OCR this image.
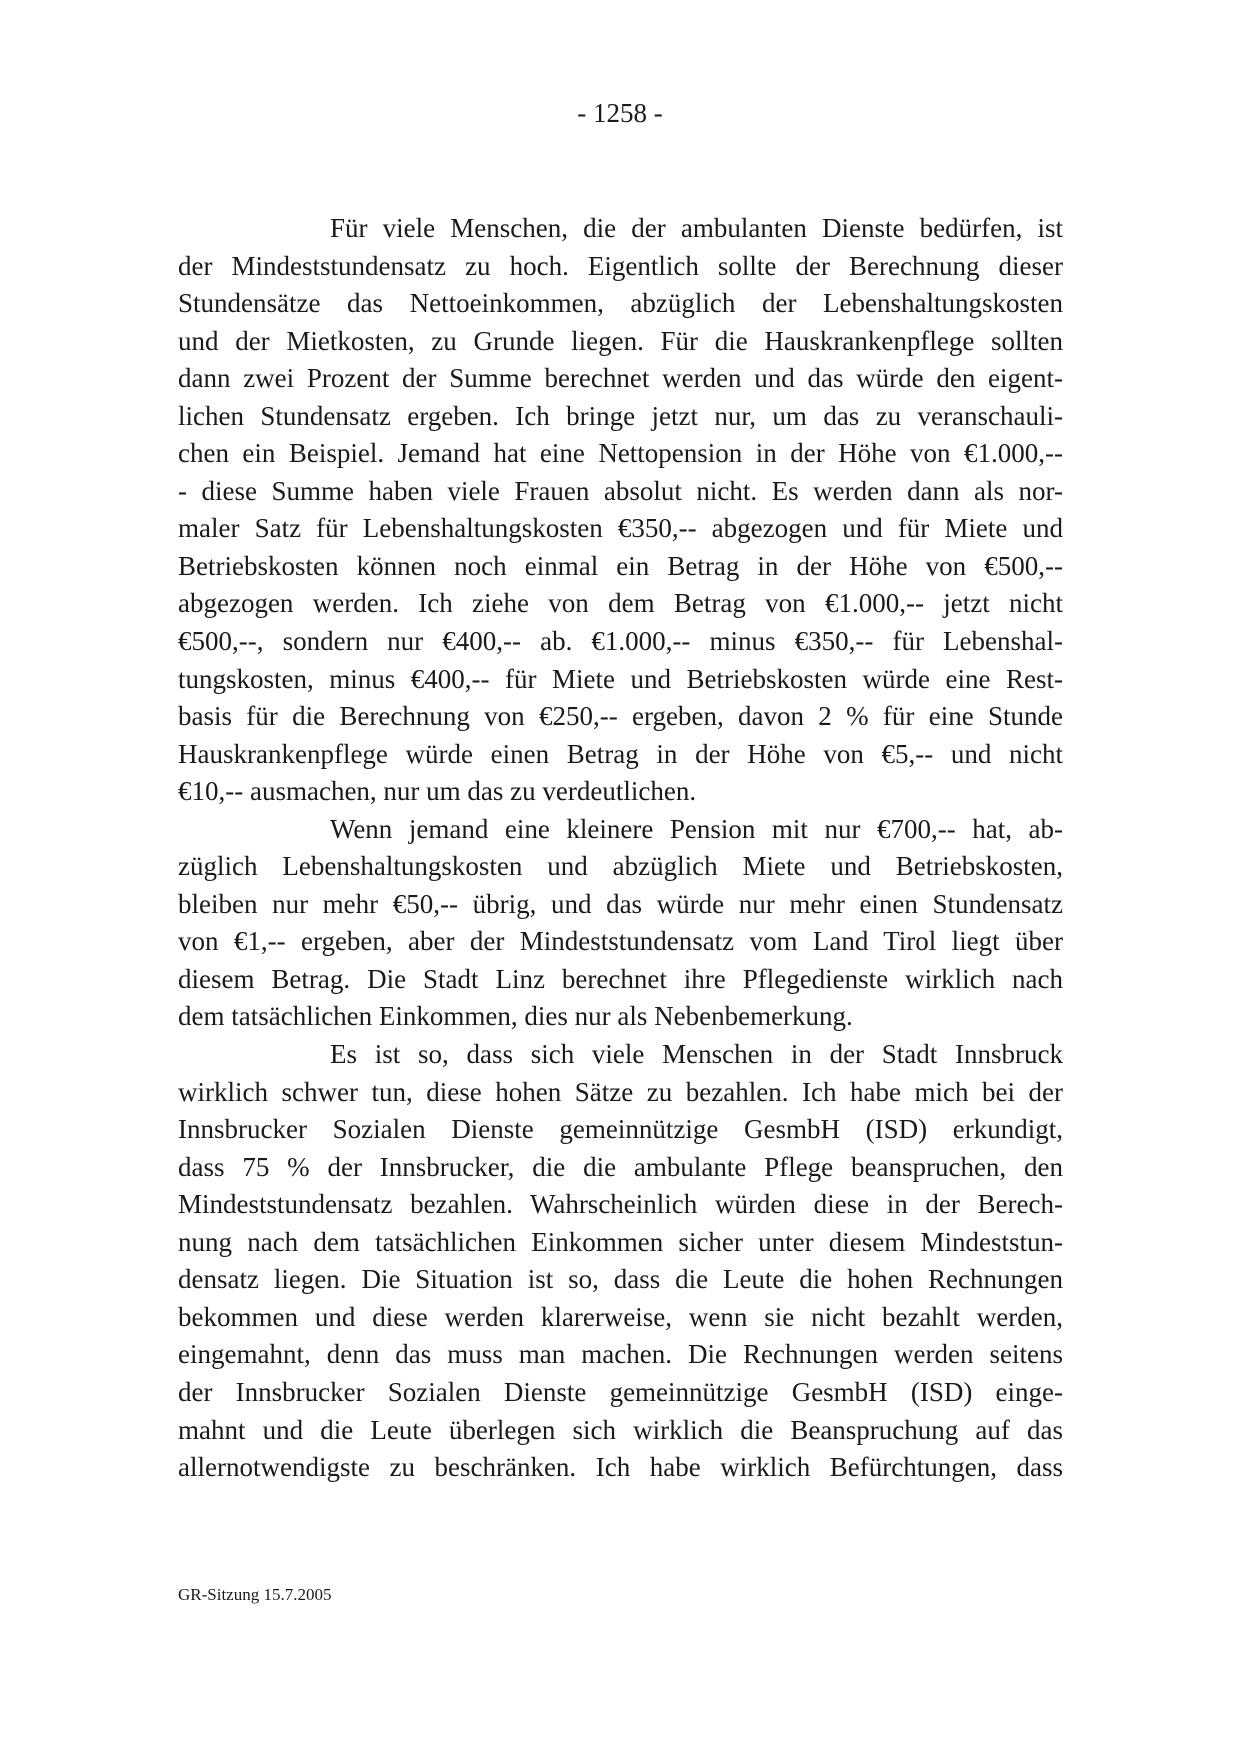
- 1258 -
Für viele Menschen, die der ambulanten Dienste bedürfen, ist
der Mindeststundensatz zu hoch. Eigentlich sollte der Berechnung dieser
Stundensätze das Nettoeinkommen, abzüglich der Lebenshaltungskosten
und der Mietkosten, zu Grunde liegen. Für die Hauskrankenpflege sollten
dann zwei Prozent der Summe berechnet werden und das würde den eigent-
lichen Stundensatz ergeben. Ich bringe jetzt nur, um das zu veranschauli-
chen ein Beispiel. Jemand hat eine Nettopension in der Höhe von €1.000,--
- diese Summe haben viele Frauen absolut nicht. Es werden dann als nor-
maler Satz für Lebenshaltungskosten €350,-- abgezogen und für Miete und
Betriebskosten können noch einmal ein Betrag in der Höhe von €500,--
abgezogen werden. Ich ziehe von dem Betrag von €1.000,-- jetzt nicht
€500,--, sondern nur €400,-- ab. €1.000,-- minus €350,-- für Lebenshal-
tungskosten, minus €400,-- für Miete und Betriebskosten würde eine Rest-
basis für die Berechnung von €250,-- ergeben, davon 2 % für eine Stunde
Hauskrankenpflege würde einen Betrag in der Höhe von €5,-- und nicht
€10,-- ausmachen, nur um das zu verdeutlichen.
Wenn jemand eine kleinere Pension mit nur €700,-- hat, ab-
züglich Lebenshaltungskosten und abzüglich Miete und Betriebskosten,
bleiben nur mehr €50,-- übrig, und das würde nur mehr einen Stundensatz
von €1,-- ergeben, aber der Mindeststundensatz vom Land Tirol liegt über
diesem Betrag. Die Stadt Linz berechnet ihre Pflegedienste wirklich nach
dem tatsächlichen Einkommen, dies nur als Nebenbemerkung.
Es ist so, dass sich viele Menschen in der Stadt Innsbruck
wirklich schwer tun, diese hohen Sätze zu bezahlen. Ich habe mich bei der
Innsbrucker Sozialen Dienste gemeinnützige GesmbH (ISD) erkundigt,
dass 75 % der Innsbrucker, die die ambulante Pflege beanspruchen, den
Mindeststundensatz bezahlen. Wahrscheinlich würden diese in der Berech-
nung nach dem tatsächlichen Einkommen sicher unter diesem Mindeststun-
densatz liegen. Die Situation ist so, dass die Leute die hohen Rechnungen
bekommen und diese werden klarerweise, wenn sie nicht bezahlt werden,
eingemahnt, denn das muss man machen. Die Rechnungen werden seitens
der Innsbrucker Sozialen Dienste gemeinnützige GesmbH (ISD) einge-
mahnt und die Leute überlegen sich wirklich die Beanspruchung auf das
allernotwendigste zu beschränken. Ich habe wirklich Befürchtungen, dass
GR-Sitzung 15.7.2005
